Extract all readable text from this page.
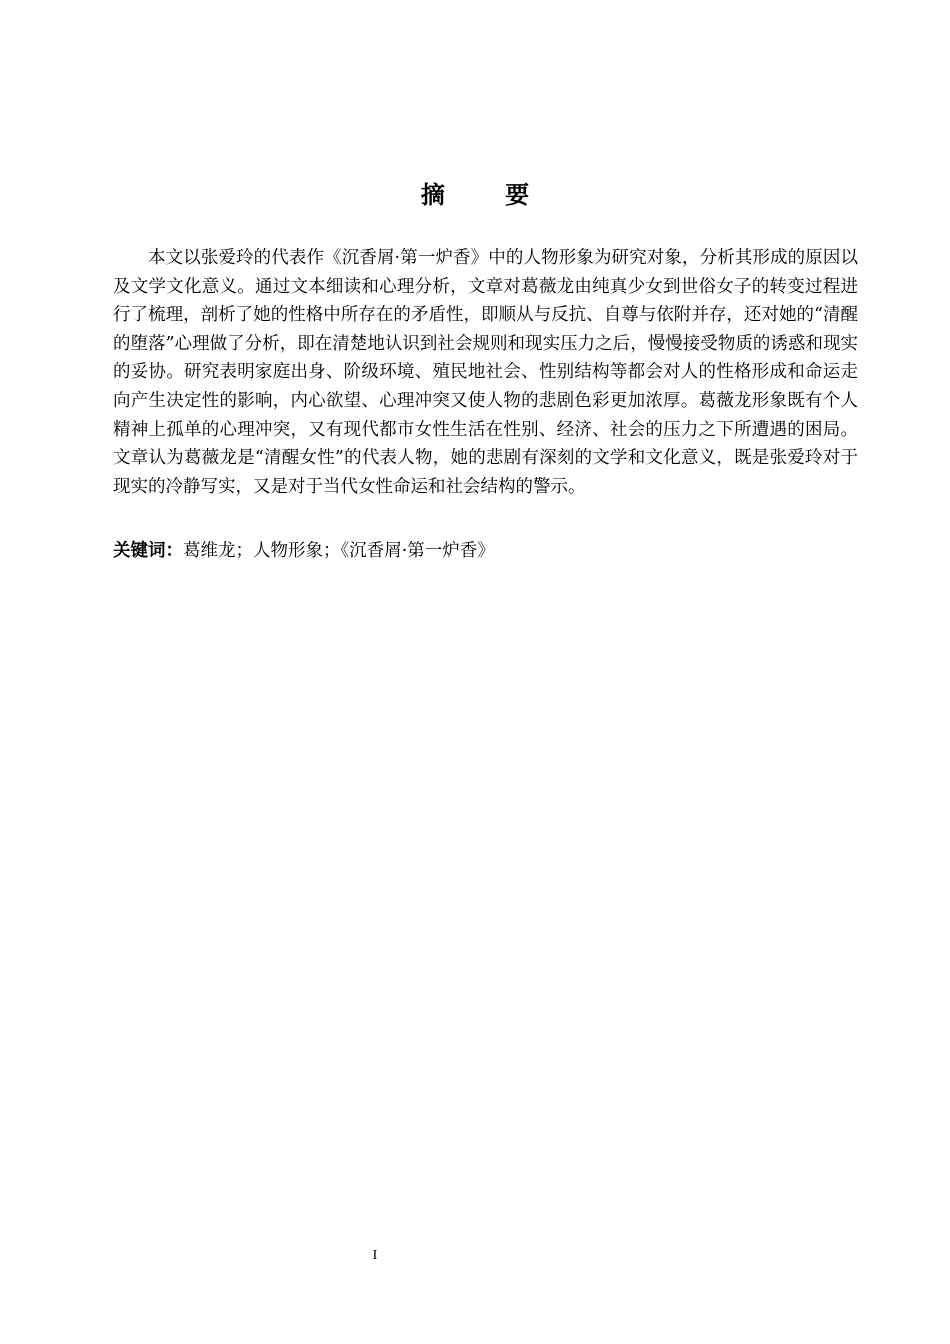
摘 要

本文以张爱玲的代表作《沉香屑·第一炉香》中的人物形象为研究对象，分析其形成的原因以及文学文化意义。通过文本细读和心理分析，文章对葛薇龙由纯真少女到世俗女子的转变过程进行了梳理，剖析了她的性格中所存在的矛盾性，即顺从与反抗、自尊与依附并存，还对她的“清醒的堕落”心理做了分析，即在清楚地认识到社会规则和现实压力之后，慢慢接受物质的诱惑和现实的妥协。研究表明家庭出身、阶级环境、殖民地社会、性别结构等都会对人的性格形成和命运走向产生决定性的影响，内心欲望、心理冲突又使人物的悲剧色彩更加浓厚。葛薇龙形象既有个人精神上孤单的心理冲突，又有现代都市女性生活在性别、经济、社会的压力之下所遭遇的困局。文章认为葛薇龙是“清醒女性”的代表人物，她的悲剧有深刻的文学和文化意义，既是张爱玲对于现实的冷静写实，又是对于当代女性命运和社会结构的警示。

关键词：葛维龙；人物形象；《沉香屑·第一炉香》

I
